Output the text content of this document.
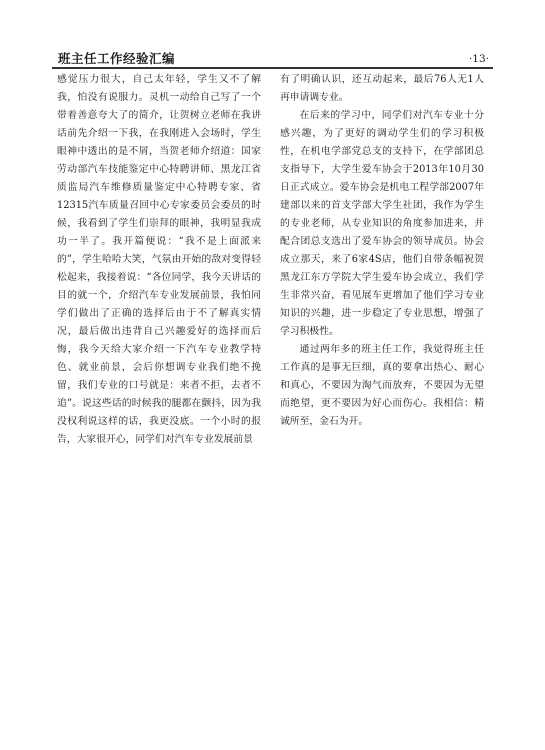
班主任工作经验汇编	·13·

感觉压力很大，自己太年轻，学生又不了解我，怕没有说服力。灵机一动给自己写了一个带着善意夸大了的简介，让贺树立老师在我讲话前先介绍一下我，在我刚进入会场时，学生眼神中透出的是不屑，当贺老师介绍道：国家劳动部汽车技能鉴定中心特聘讲师、黑龙江省质监局汽车维修质量鉴定中心特聘专家、省12315汽车质量召回中心专家委员会委员的时候，我看到了学生们崇拜的眼神，我明显我成功一半了。我开篇便说：“我不是上面派来的”，学生哈哈大笑，气氛由开始的敌对变得轻松起来，我接着说：“各位同学，我今天讲话的目的就一个，介绍汽车专业发展前景，我怕同学们做出了正确的选择后由于不了解真实情况，最后做出违背自己兴趣爱好的选择而后悔，我今天给大家介绍一下汽车专业教学特色、就业前景，会后你想调专业我们绝不挽留，我们专业的口号就是：来者不拒，去者不追”。说这些话的时候我的腿都在颤抖，因为我没权利说这样的话，我更没底。一个小时的报告，大家很开心，同学们对汽车专业发展前景

有了明确认识，还互动起来，最后76人无1人再申请调专业。

在后来的学习中，同学们对汽车专业十分感兴趣，为了更好的调动学生们的学习积极性，在机电学部党总支的支持下，在学部团总支指导下，大学生爱车协会于2013年10月30日正式成立。爱车协会是机电工程学部2007年建部以来的首支学部大学生社团，我作为学生的专业老师，从专业知识的角度参加进来，并配合团总支选出了爱车协会的领导成员。协会成立那天，来了6家4S店，他们自带条幅祝贺黑龙江东方学院大学生爱车协会成立，我们学生非常兴奋，看见展车更增加了他们学习专业知识的兴趣，进一步稳定了专业思想，增强了学习积极性。

通过两年多的班主任工作，我觉得班主任工作真的是事无巨细，真的要拿出热心、耐心和真心，不要因为淘气而放弃，不要因为无望而绝望，更不要因为好心而伤心。我相信：精诚所至，金石为开。
